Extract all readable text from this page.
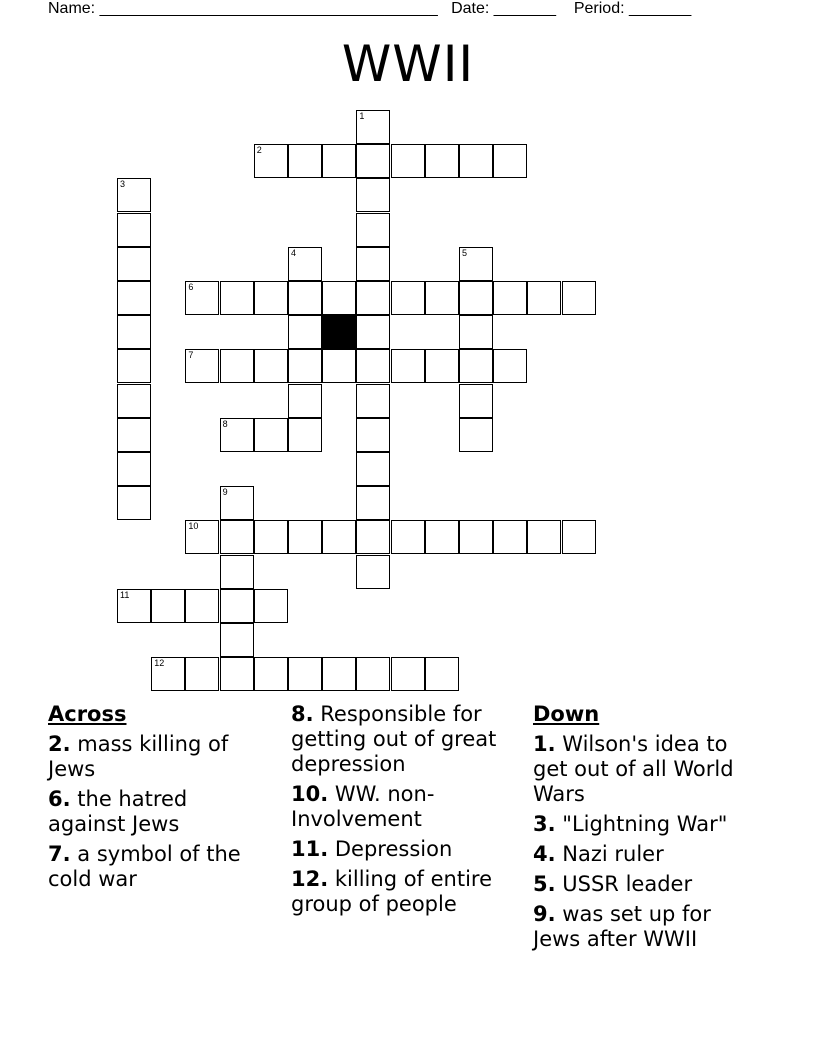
Name: ______________________________________ Date: _______ Period: _______
WWII
1
2
3
4	5
6
7
8
9
10
11
12
Across
2. mass killing of Jews
6. the hatred against Jews
7. a symbol of the cold war
8. Responsible for getting out of great depression
10. WW. non-Involvement
11. Depression
12. killing of entire group of people
Down
1. Wilson's idea to get out of all World Wars
3. "Lightning War"
4. Nazi ruler
5. USSR leader
9. was set up for Jews after WWII
